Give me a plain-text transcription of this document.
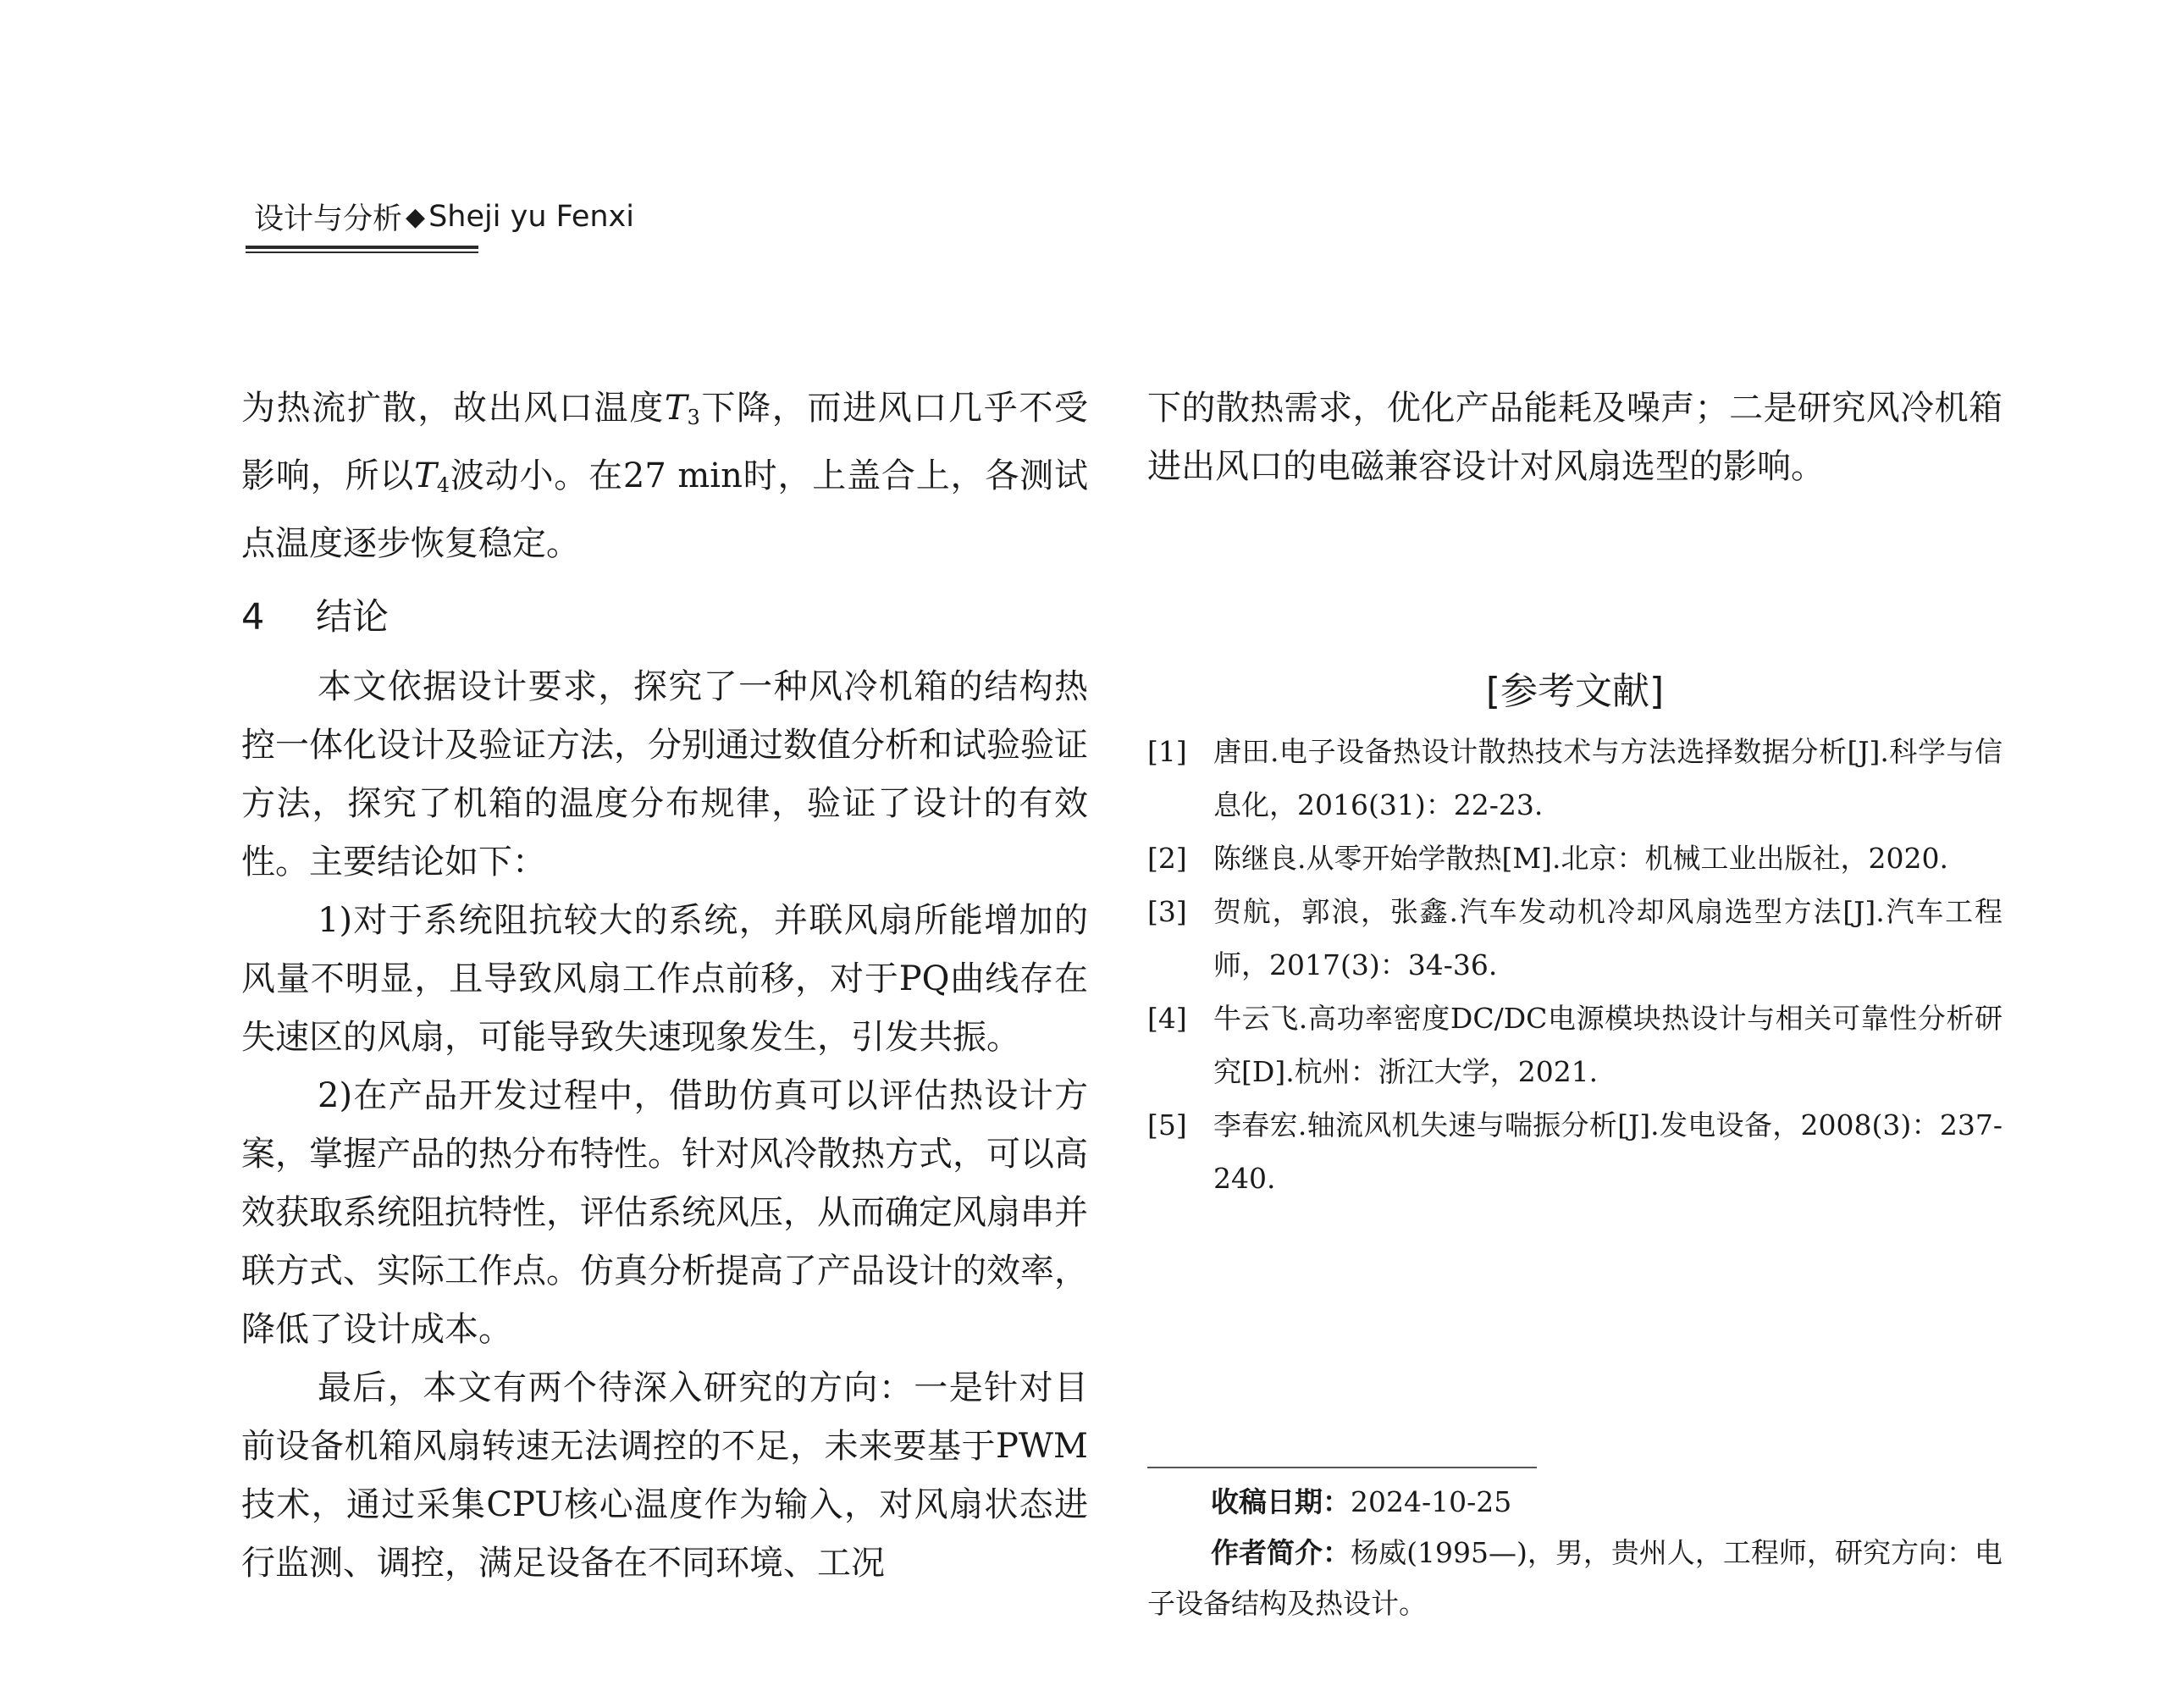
设计与分析 ◆ Sheji yu Fenxi

为热流扩散，故出风口温度$T_3$下降，而进风口几乎不受影响，所以$T_4$波动小。在27 min时，上盖合上，各测试点温度逐步恢复稳定。

4	结论

本文依据设计要求，探究了一种风冷机箱的结构热控一体化设计及验证方法，分别通过数值分析和试验验证方法，探究了机箱的温度分布规律，验证了设计的有效性。主要结论如下：

1)对于系统阻抗较大的系统，并联风扇所能增加的风量不明显，且导致风扇工作点前移，对于PQ曲线存在失速区的风扇，可能导致失速现象发生，引发共振。

2)在产品开发过程中，借助仿真可以评估热设计方案，掌握产品的热分布特性。针对风冷散热方式，可以高效获取系统阻抗特性，评估系统风压，从而确定风扇串并联方式、实际工作点。仿真分析提高了产品设计的效率，降低了设计成本。

最后，本文有两个待深入研究的方向：一是针对目前设备机箱风扇转速无法调控的不足，未来要基于PWM技术，通过采集CPU核心温度作为输入，对风扇状态进行监测、调控，满足设备在不同环境、工况

下的散热需求，优化产品能耗及噪声；二是研究风冷机箱进出风口的电磁兼容设计对风扇选型的影响。

[参考文献]
[1] 唐田.电子设备热设计散热技术与方法选择数据分析[J].科学与信息化，2016(31)：22-23.
[2] 陈继良.从零开始学散热[M].北京：机械工业出版社，2020.
[3] 贺航，郭浪，张鑫.汽车发动机冷却风扇选型方法[J].汽车工程师，2017(3)：34-36.
[4] 牛云飞.高功率密度DC/DC电源模块热设计与相关可靠性分析研究[D].杭州：浙江大学，2021.
[5] 李春宏.轴流风机失速与喘振分析[J].发电设备，2008(3)：237-240.
收稿日期：2024-10-25
作者简介：杨威(1995—)，男，贵州人，工程师，研究方向：电子设备结构及热设计。
